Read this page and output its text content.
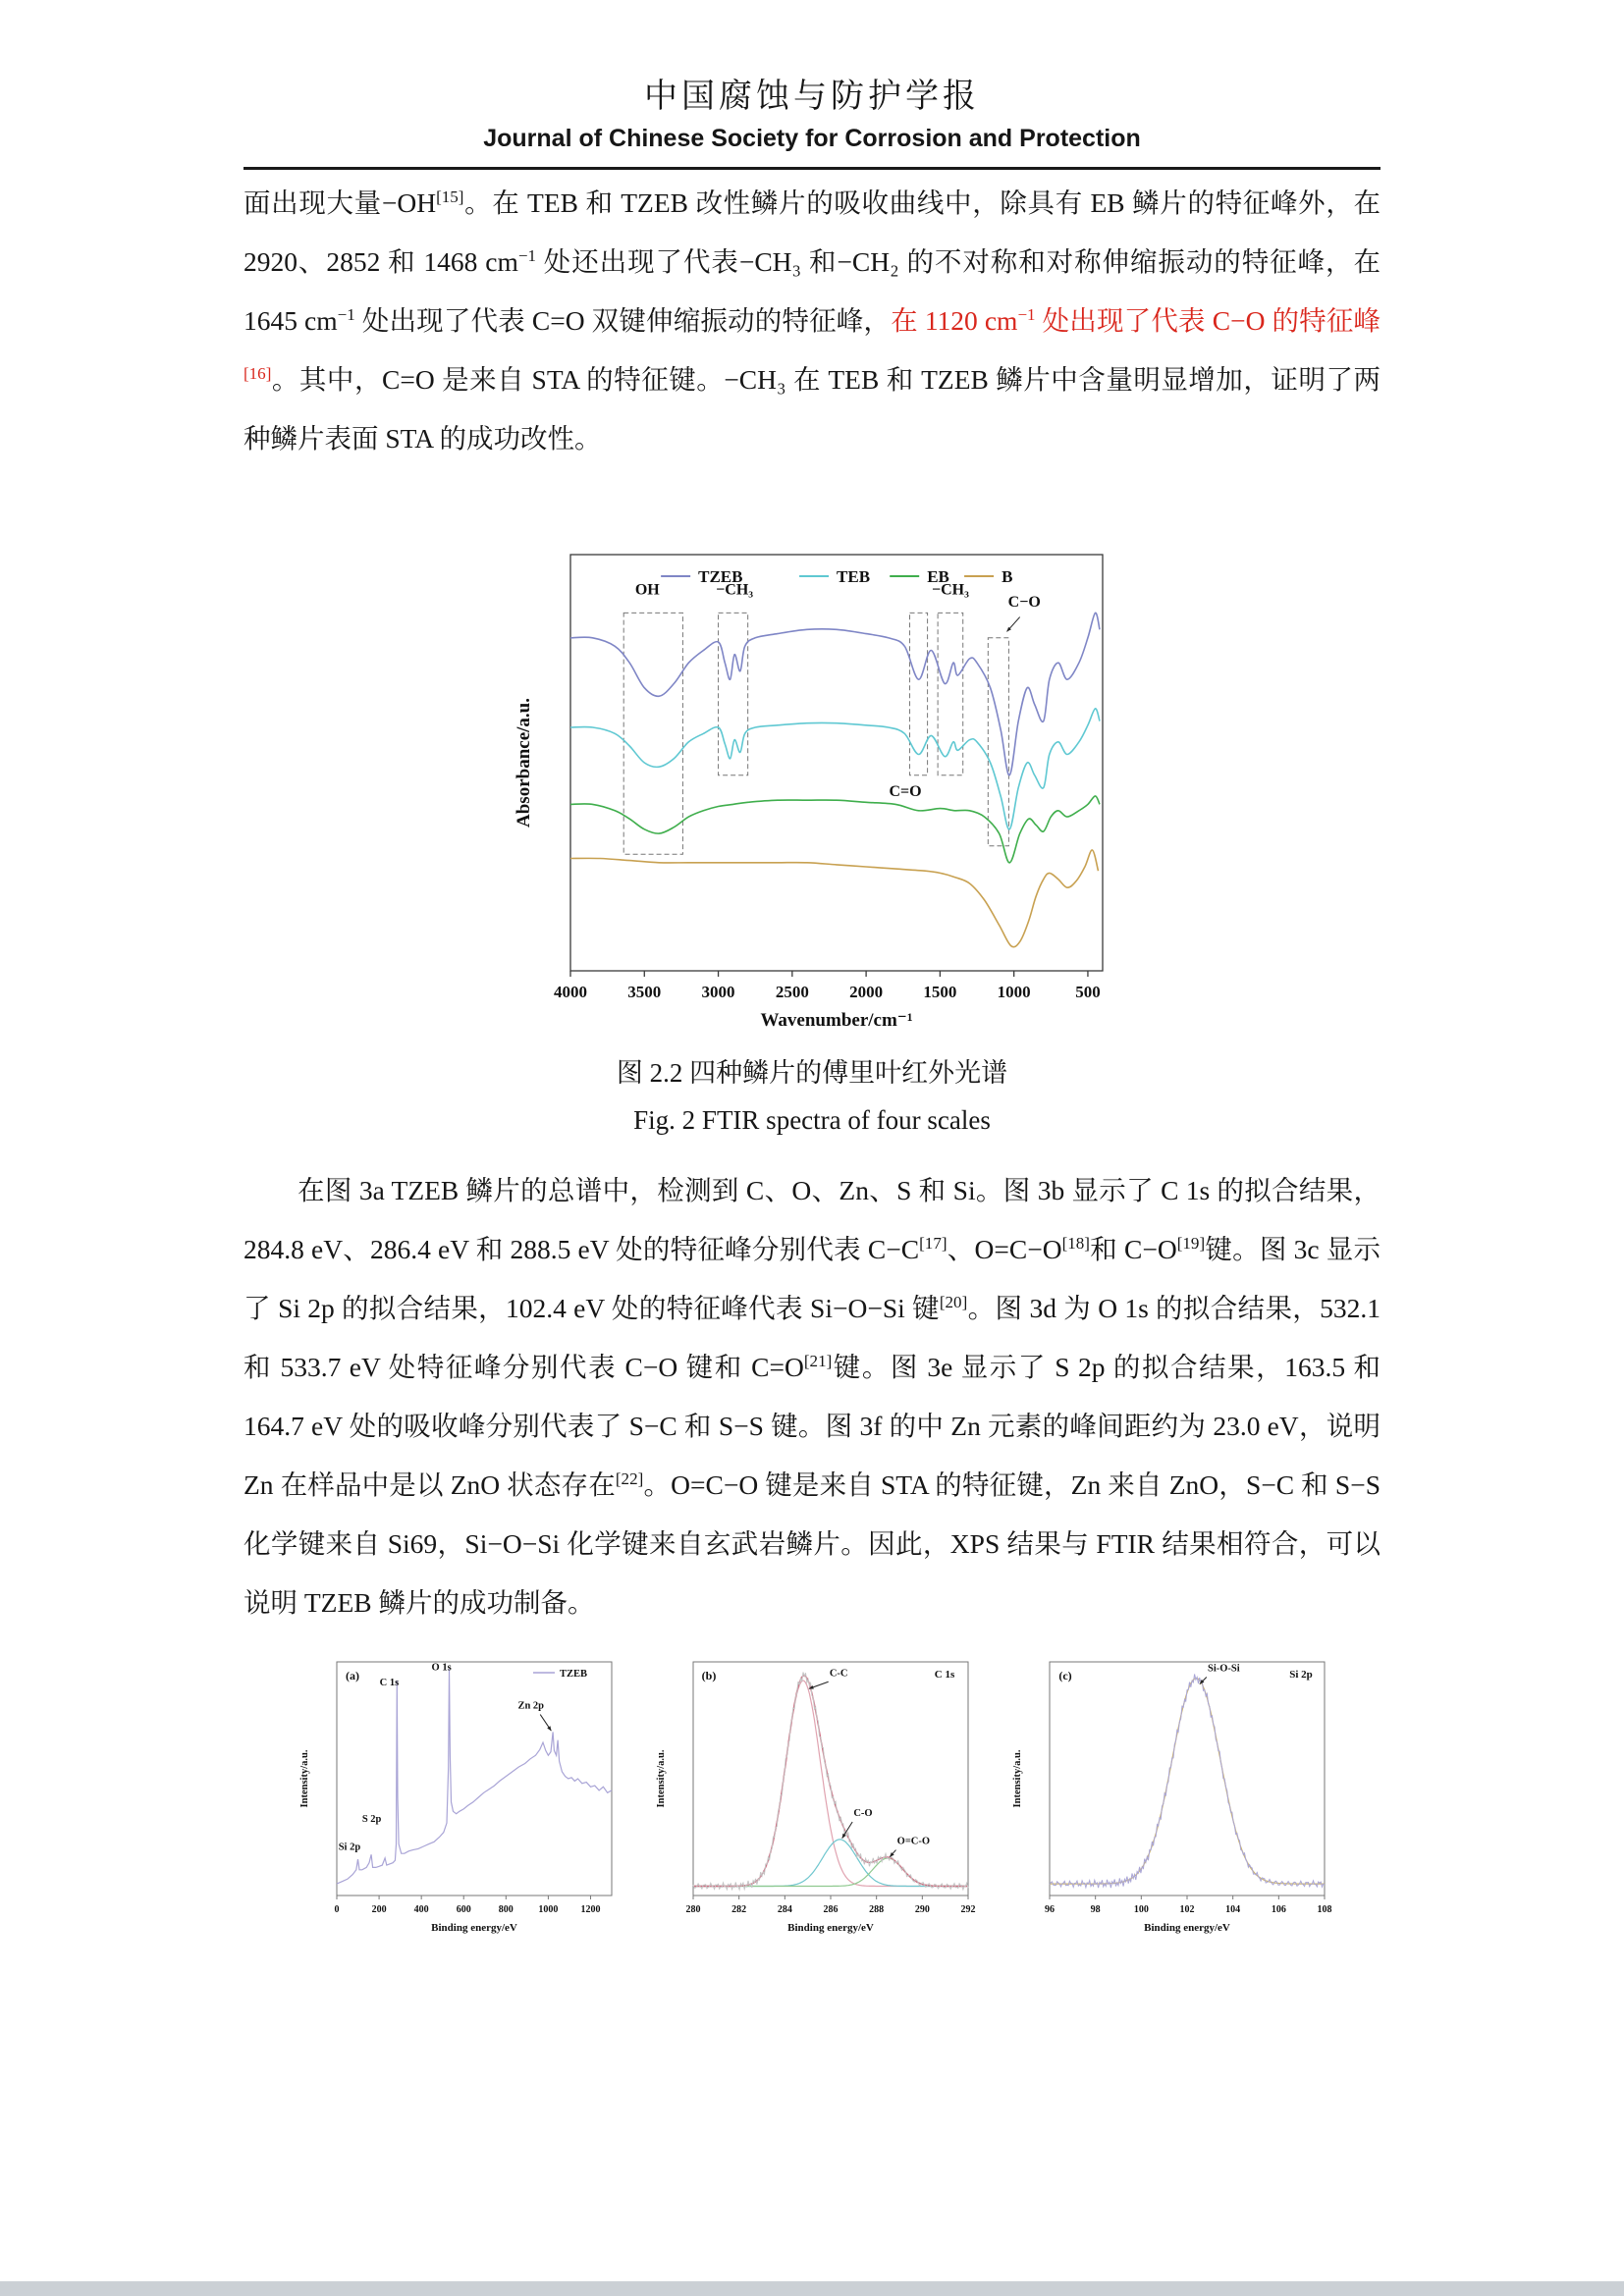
中国腐蚀与防护学报
Journal of Chinese Society for Corrosion and Protection

面出现大量−OH[15]。在 TEB 和 TZEB 改性鳞片的吸收曲线中，除具有 EB 鳞片的特征峰外，在 2920、2852 和 1468 $cm^{-1}$ 处还出现了代表−CH₃ 和−CH₂ 的不对称和对称伸缩振动的特征峰，在 1645 $cm^{-1}$ 处出现了代表 C=O 双键伸缩振动的特征峰，在 1120 $cm^{-1}$ 处出现了代表 C−O 的特征峰[16]。其中，C=O 是来自 STA 的特征键。−CH₃ 在 TEB 和 TZEB 鳞片中含量明显增加，证明了两种鳞片表面 STA 的成功改性。

4000 3500 3000 2500 2000 1500 1000	500
Wavenumber/cm⁻¹
Absorbance/a.u.
TZEB	TEB	EB	B
OH	−CH₃	−CH₃
C−O
C=O
图 2.2 四种鳞片的傅里叶红外光谱
Fig. 2 FTIR spectra of four scales

在图 3a TZEB 鳞片的总谱中，检测到 C、O、Zn、S 和 Si。图 3b 显示了 C 1s 的拟合结果，284.8 eV、286.4 eV 和 288.5 eV 处的特征峰分别代表 C−C[17]、O=C−O[18]和 C−O[19]键。图 3c 显示了 Si 2p 的拟合结果，102.4 eV 处的特征峰代表 Si−O−Si 键[20]。图 3d 为 O 1s 的拟合结果，532.1 和 533.7 eV 处特征峰分别代表 C−O 键和 C=O[21]键。图 3e 显示了 S 2p 的拟合结果，163.5 和 164.7 eV 处的吸收峰分别代表了 S−C 和 S−S 键。图 3f 的中 Zn 元素的峰间距约为 23.0 eV，说明 Zn 在样品中是以 ZnO 状态存在[22]。O=C−O 键是来自 STA 的特征键，Zn 来自 ZnO，S−C 和 S−S 化学键来自 Si69，Si−O−Si 化学键来自玄武岩鳞片。因此，XPS 结果与 FTIR 结果相符合，可以说明 TZEB 鳞片的成功制备。

0	200	400	600	800	1000 1200
Binding energy/eV
Intensity/a.u.
(a)	TZEB
C 1s
O 1s
Zn 2p
S 2p
Si 2p
280	282	284	286	288	290	292
Binding energy/eV
Intensity/a.u.
(b)	C 1s
C-C
C-O
O=C-O
96	98	100	102	104	106	108
Binding energy/eV
Intensity/a.u.
(c)	Si 2p
Si-O-Si
